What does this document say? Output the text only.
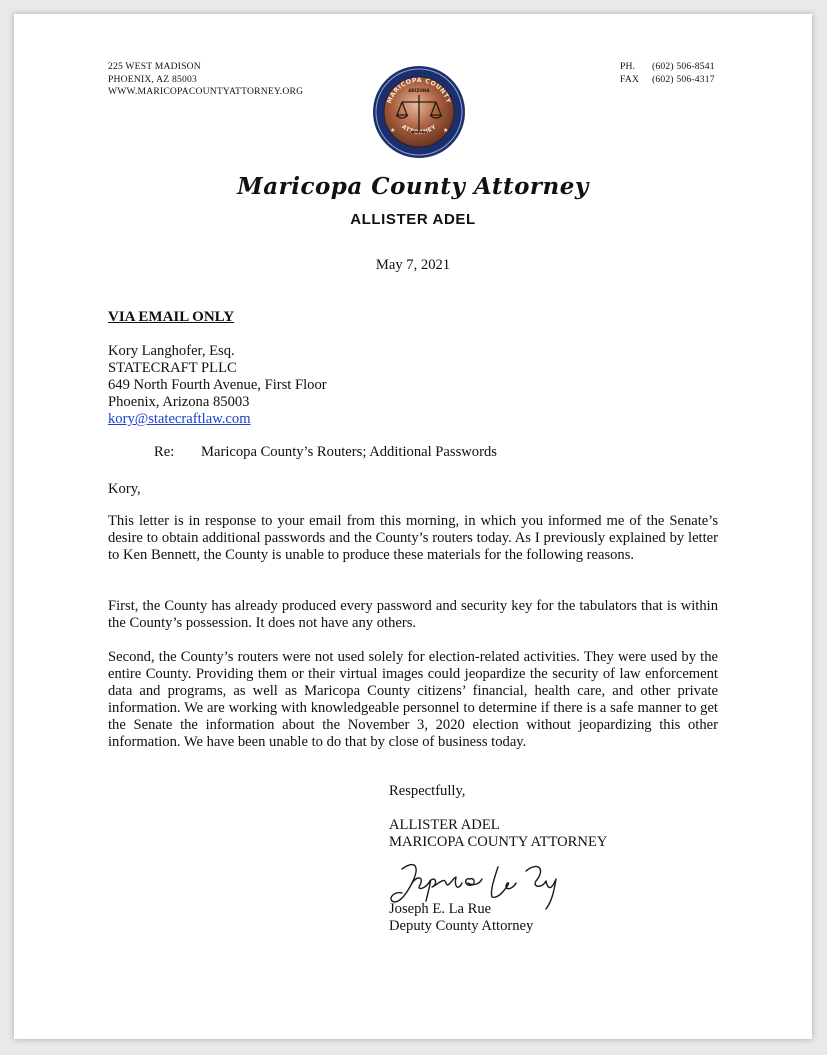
225 WEST MADISON
PHOENIX, AZ 85003
WWW.MARICOPACOUNTYATTORNEY.ORG
MARICOPA COUNTY
ARIZONA
ATTORNEY
★	★
PH.	(602) 506-8541
FAX	(602) 506-4317
Maricopa County Attorney
ALLISTER ADEL
May 7, 2021
VIA EMAIL ONLY
Kory Langhofer, Esq.
STATECRAFT PLLC
649 North Fourth Avenue, First Floor
Phoenix, Arizona 85003
kory@statecraftlaw.com
Re:	Maricopa County’s Routers; Additional Passwords
Kory,
This letter is in response to your email from this morning, in which you informed me of the Senate’s desire to obtain additional passwords and the County’s routers today. As I previously explained by letter to Ken Bennett, the County is unable to produce these materials for the following reasons.
First, the County has already produced every password and security key for the tabulators that is within the County’s possession. It does not have any others.
Second, the County’s routers were not used solely for election-related activities. They were used by the entire County. Providing them or their virtual images could jeopardize the security of law enforcement data and programs, as well as Maricopa County citizens’ financial, health care, and other private information. We are working with knowledgeable personnel to determine if there is a safe manner to get the Senate the information about the November 3, 2020 election without jeopardizing this other information. We have been unable to do that by close of business today.
Respectfully,
ALLISTER ADEL
MARICOPA COUNTY ATTORNEY
Joseph E. La Rue
Deputy County Attorney
